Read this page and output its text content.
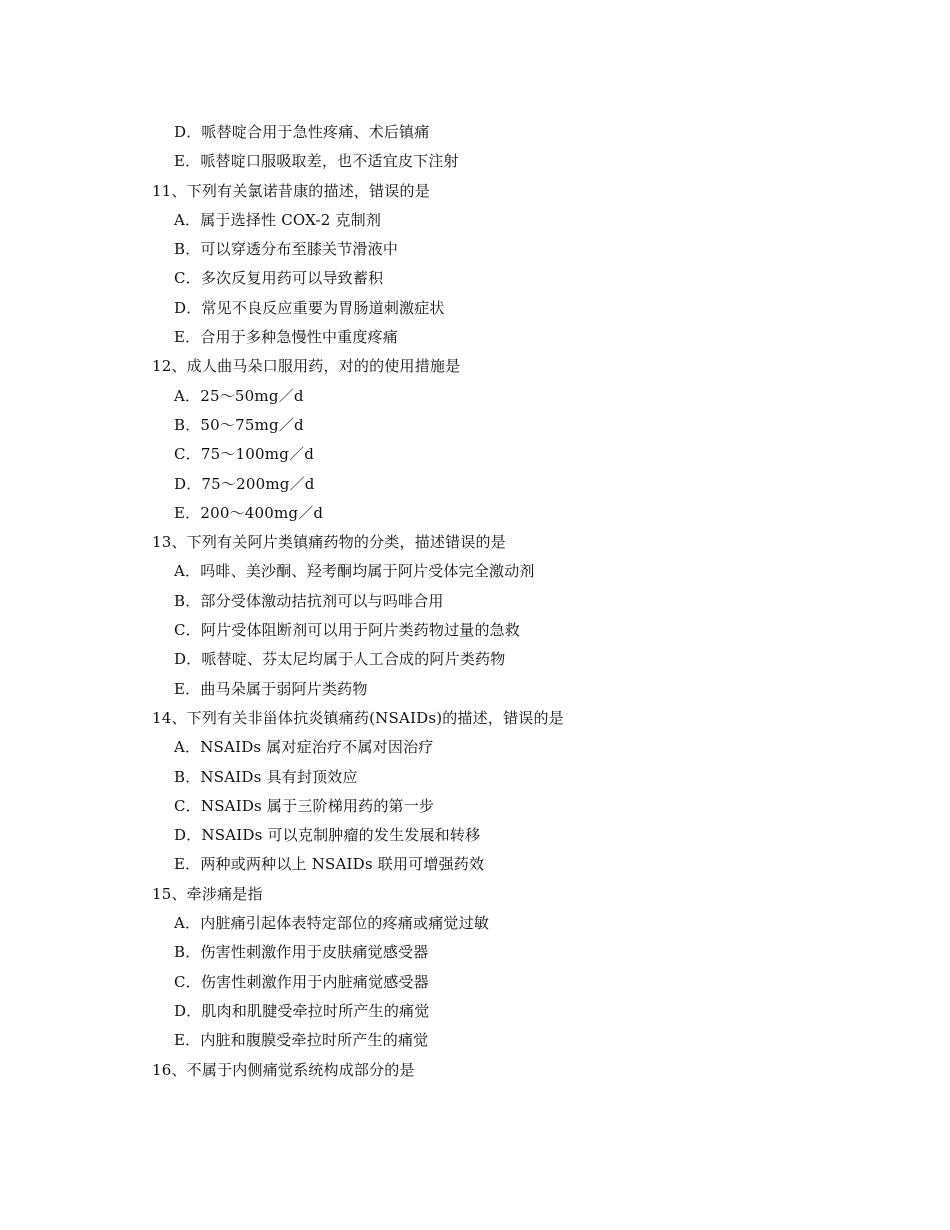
D．哌替啶合用于急性疼痛、术后镇痛
E．哌替啶口服吸取差，也不适宜皮下注射
11、下列有关氯诺昔康的描述，错误的是
A．属于选择性 COX-2 克制剂
B．可以穿透分布至膝关节滑液中
C．多次反复用药可以导致蓄积
D．常见不良反应重要为胃肠道刺激症状
E．合用于多种急慢性中重度疼痛
12、成人曲马朵口服用药，对的的使用措施是
A．25～50mg／d
B．50～75mg／d
C．75～100mg／d
D．75～200mg／d
E．200～400mg／d
13、下列有关阿片类镇痛药物的分类，描述错误的是
A．吗啡、美沙酮、羟考酮均属于阿片受体完全激动剂
B．部分受体激动拮抗剂可以与吗啡合用
C．阿片受体阻断剂可以用于阿片类药物过量的急救
D．哌替啶、芬太尼均属于人工合成的阿片类药物
E．曲马朵属于弱阿片类药物
14、下列有关非甾体抗炎镇痛药(NSAIDs)的描述，错误的是
A．NSAIDs 属对症治疗不属对因治疗
B．NSAIDs 具有封顶效应
C．NSAIDs 属于三阶梯用药的第一步
D．NSAIDs 可以克制肿瘤的发生发展和转移
E．两种或两种以上 NSAIDs 联用可增强药效
15、牵涉痛是指
A．内脏痛引起体表特定部位的疼痛或痛觉过敏
B．伤害性刺激作用于皮肤痛觉感受器
C．伤害性刺激作用于内脏痛觉感受器
D．肌肉和肌腱受牵拉时所产生的痛觉
E．内脏和腹膜受牵拉时所产生的痛觉
16、不属于内侧痛觉系统构成部分的是
